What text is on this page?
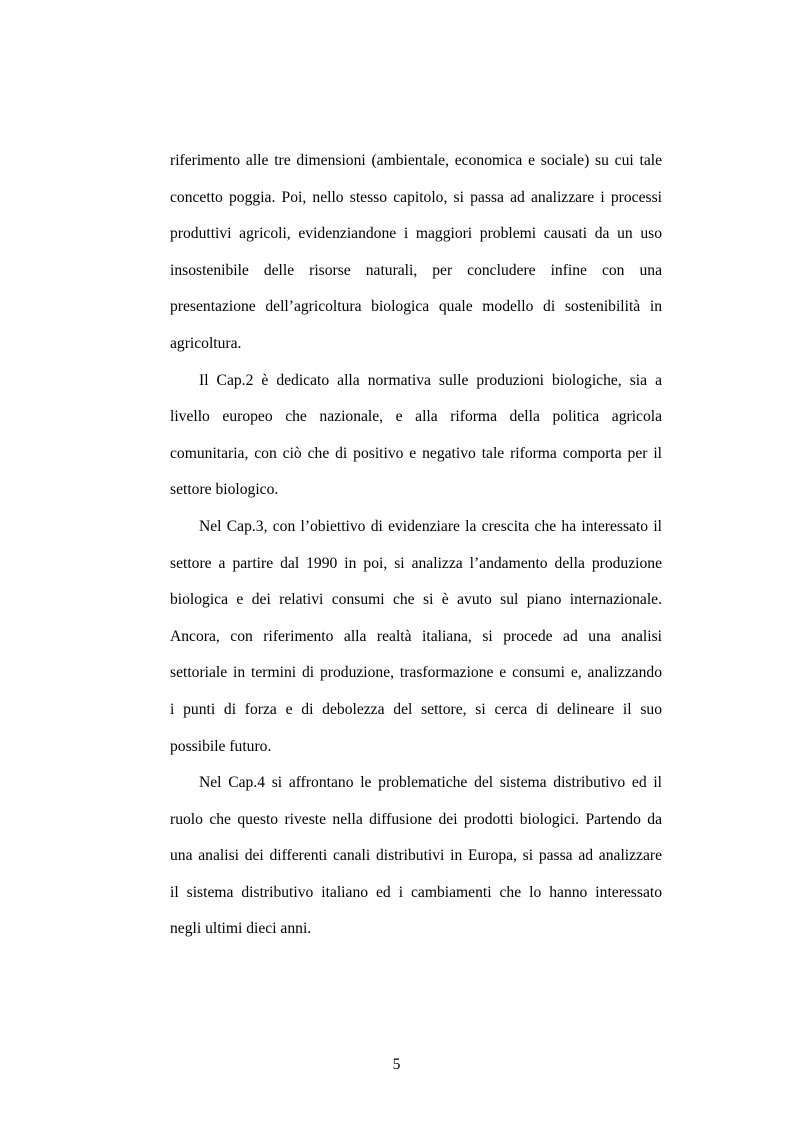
riferimento alle tre dimensioni (ambientale, economica e sociale) su cui tale
concetto poggia. Poi, nello stesso capitolo, si passa ad analizzare i processi
produttivi agricoli, evidenziandone i maggiori problemi causati da un uso
insostenibile delle risorse naturali, per concludere infine con una
presentazione dell’agricoltura biologica quale modello di sostenibilità in
agricoltura.
Il Cap.2 è dedicato alla normativa sulle produzioni biologiche, sia a
livello europeo che nazionale, e alla riforma della politica agricola
comunitaria, con ciò che di positivo e negativo tale riforma comporta per il
settore biologico.
Nel Cap.3, con l’obiettivo di evidenziare la crescita che ha interessato il
settore a partire dal 1990 in poi, si analizza l’andamento della produzione
biologica e dei relativi consumi che si è avuto sul piano internazionale.
Ancora, con riferimento alla realtà italiana, si procede ad una analisi
settoriale in termini di produzione, trasformazione e consumi e, analizzando
i punti di forza e di debolezza del settore, si cerca di delineare il suo
possibile futuro.
Nel Cap.4 si affrontano le problematiche del sistema distributivo ed il
ruolo che questo riveste nella diffusione dei prodotti biologici. Partendo da
una analisi dei differenti canali distributivi in Europa, si passa ad analizzare
il sistema distributivo italiano ed i cambiamenti che lo hanno interessato
negli ultimi dieci anni.
5
